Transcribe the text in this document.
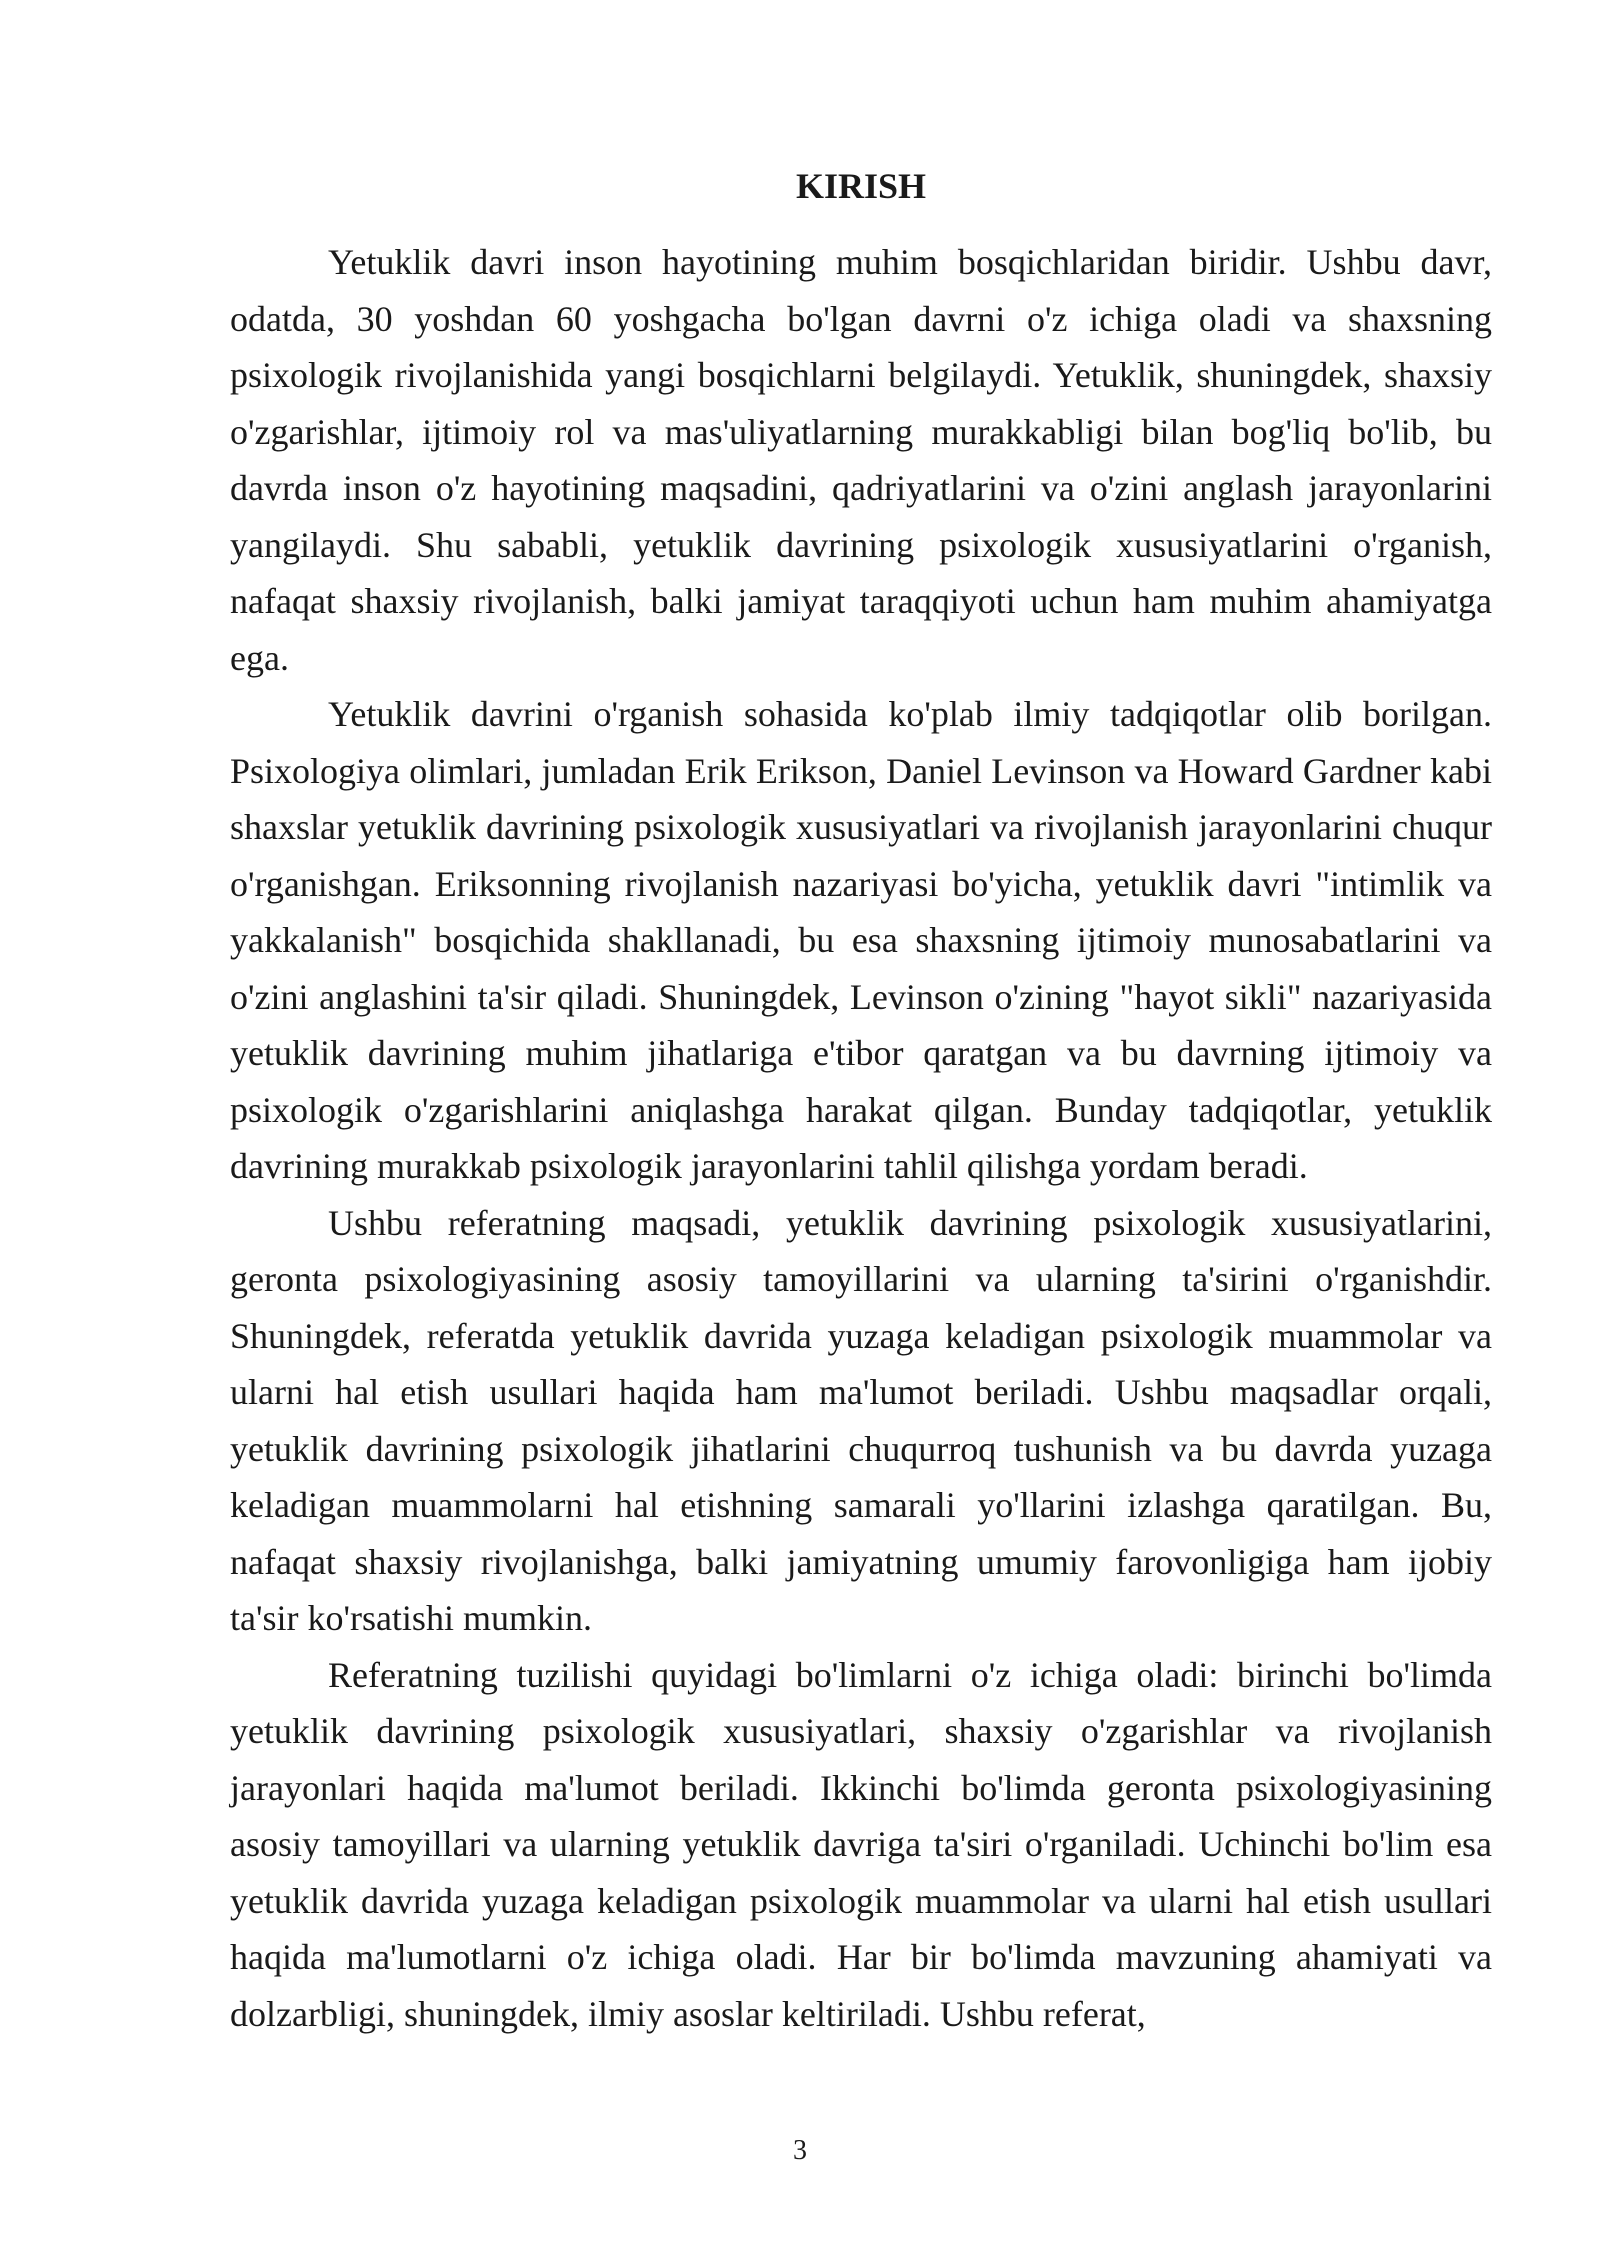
KIRISH

Yetuklik davri inson hayotining muhim bosqichlaridan biridir. Ushbu davr, odatda, 30 yoshdan 60 yoshgacha bo'lgan davrni o'z ichiga oladi va shaxsning psixologik rivojlanishida yangi bosqichlarni belgilaydi. Yetuklik, shuningdek, shaxsiy o'zgarishlar, ijtimoiy rol va mas'uliyatlarning murakkabligi bilan bog'liq bo'lib, bu davrda inson o'z hayotining maqsadini, qadriyatlarini va o'zini anglash jarayonlarini yangilaydi. Shu sababli, yetuklik davrining psixologik xususiyatlarini o'rganish, nafaqat shaxsiy rivojlanish, balki jamiyat taraqqiyoti uchun ham muhim ahamiyatga ega.

Yetuklik davrini o'rganish sohasida ko'plab ilmiy tadqiqotlar olib borilgan. Psixologiya olimlari, jumladan Erik Erikson, Daniel Levinson va Howard Gardner kabi shaxslar yetuklik davrining psixologik xususiyatlari va rivojlanish jarayonlarini chuqur o'rganishgan. Eriksonning rivojlanish nazariyasi bo'yicha, yetuklik davri "intimlik va yakkalanish" bosqichida shakllanadi, bu esa shaxsning ijtimoiy munosabatlarini va o'zini anglashini ta'sir qiladi. Shuningdek, Levinson o'zining "hayot sikli" nazariyasida yetuklik davrining muhim jihatlariga e'tibor qaratgan va bu davrning ijtimoiy va psixologik o'zgarishlarini aniqlashga harakat qilgan. Bunday tadqiqotlar, yetuklik davrining murakkab psixologik jarayonlarini tahlil qilishga yordam beradi.

Ushbu referatning maqsadi, yetuklik davrining psixologik xususiyatlarini, geronta psixologiyasining asosiy tamoyillarini va ularning ta'sirini o'rganishdir. Shuningdek, referatda yetuklik davrida yuzaga keladigan psixologik muammolar va ularni hal etish usullari haqida ham ma'lumot beriladi. Ushbu maqsadlar orqali, yetuklik davrining psixologik jihatlarini chuqurroq tushunish va bu davrda yuzaga keladigan muammolarni hal etishning samarali yo'llarini izlashga qaratilgan. Bu, nafaqat shaxsiy rivojlanishga, balki jamiyatning umumiy farovonligiga ham ijobiy ta'sir ko'rsatishi mumkin.

Referatning tuzilishi quyidagi bo'limlarni o'z ichiga oladi: birinchi bo'limda yetuklik davrining psixologik xususiyatlari, shaxsiy o'zgarishlar va rivojlanish jarayonlari haqida ma'lumot beriladi. Ikkinchi bo'limda geronta psixologiyasining asosiy tamoyillari va ularning yetuklik davriga ta'siri o'rganiladi. Uchinchi bo'lim esa yetuklik davrida yuzaga keladigan psixologik muammolar va ularni hal etish usullari haqida ma'lumotlarni o'z ichiga oladi. Har bir bo'limda mavzuning ahamiyati va dolzarbligi, shuningdek, ilmiy asoslar keltiriladi. Ushbu referat,

3
